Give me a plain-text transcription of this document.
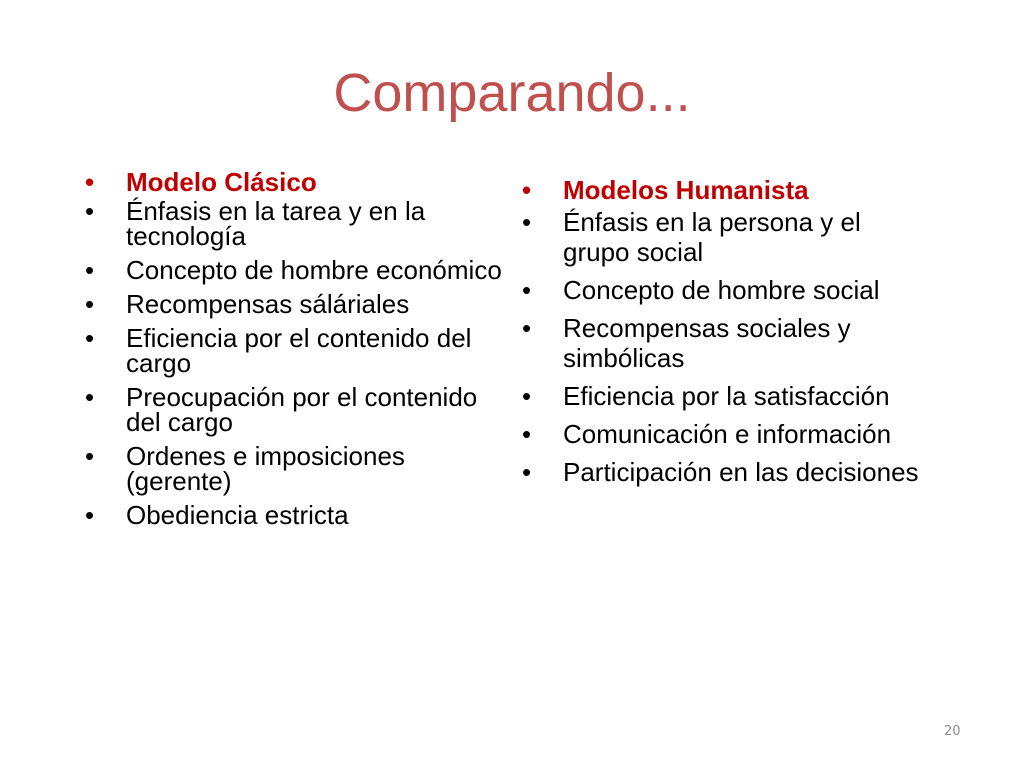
Comparando...
• Modelo Clásico
• Énfasis en la tarea y en la tecnología
• Concepto de hombre económico
• Recompensas sáláriales
• Eficiencia por el contenido del cargo
• Preocupación por el contenido del cargo
• Ordenes e imposiciones (gerente)
• Obediencia estricta
• Modelos Humanista
• Énfasis en la persona y el grupo social
• Concepto de hombre social
• Recompensas sociales y simbólicas
• Eficiencia por la satisfacción
• Comunicación e información
• Participación en las decisiones
20
